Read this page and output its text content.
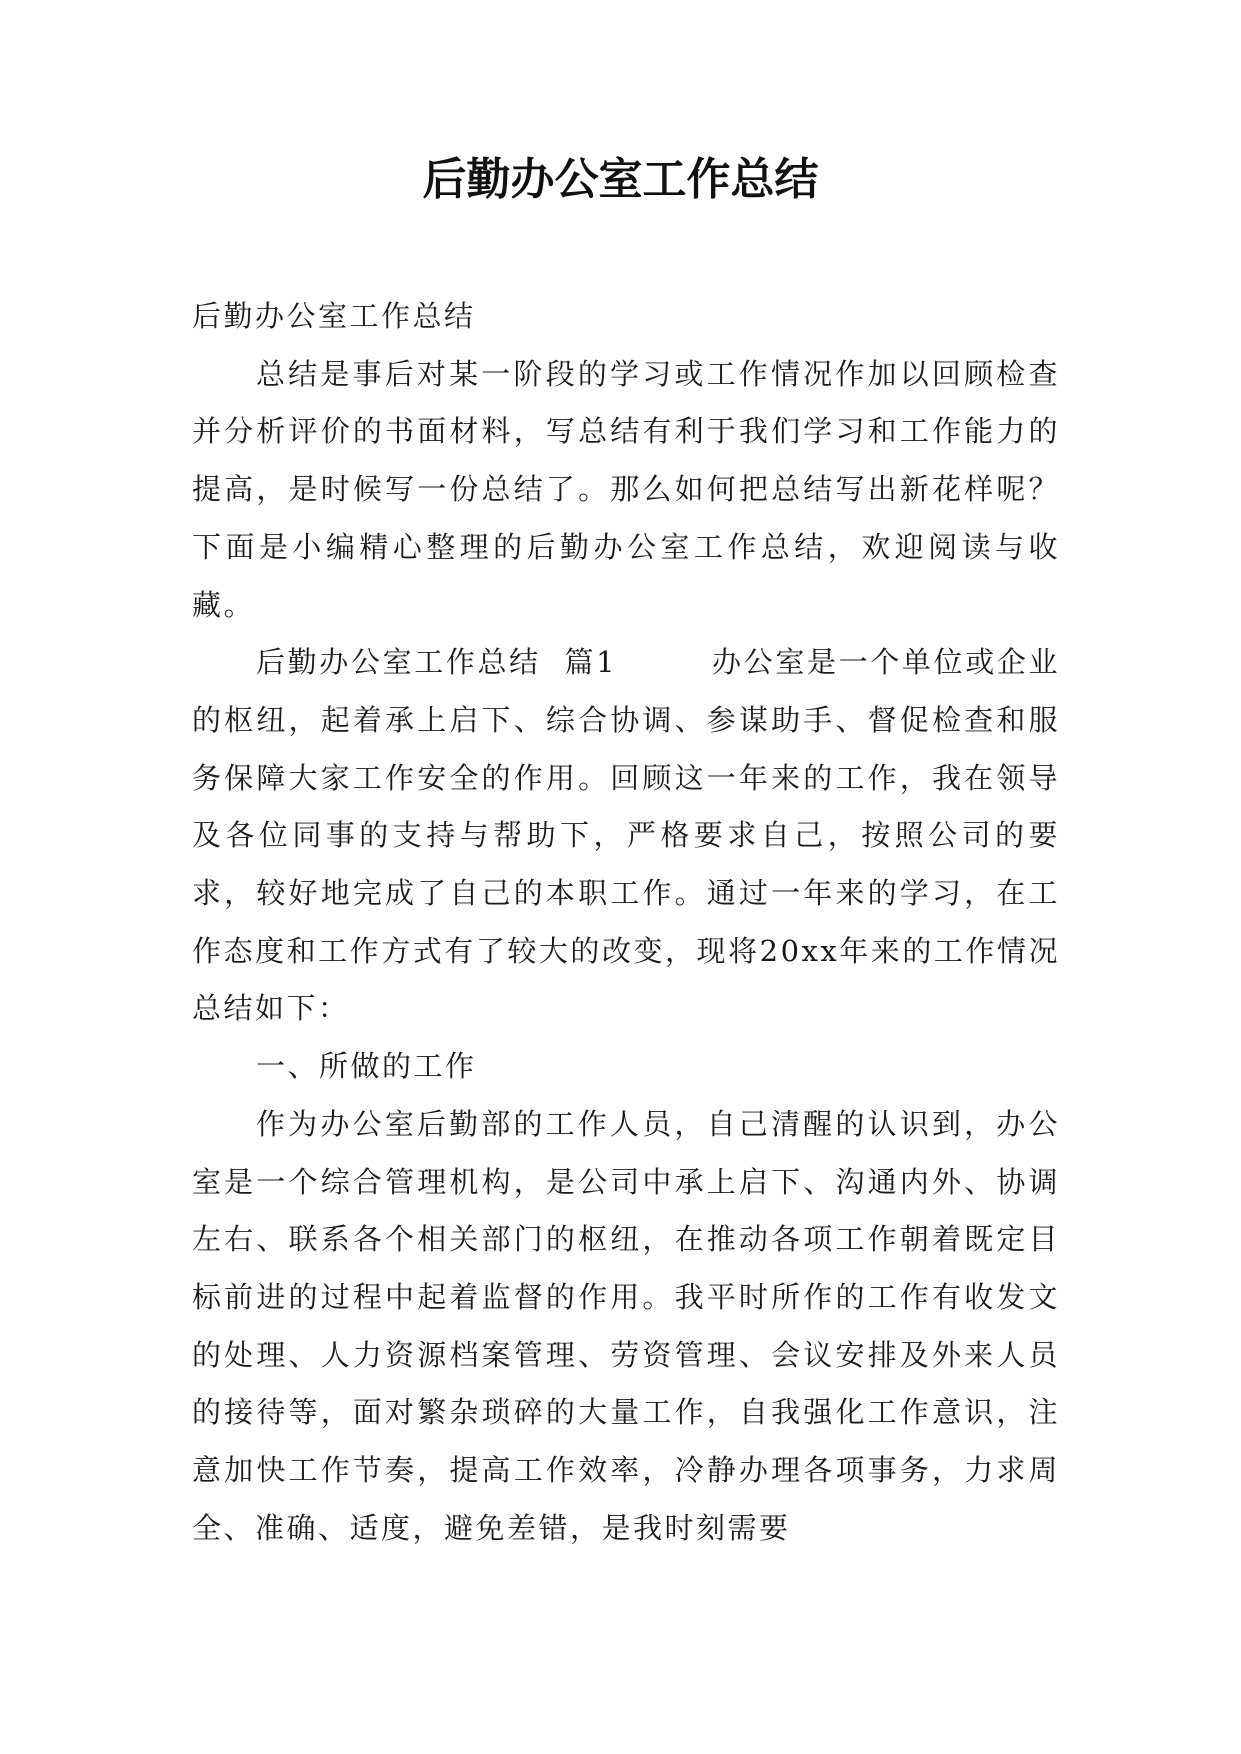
后勤办公室工作总结

后勤办公室工作总结

总结是事后对某一阶段的学习或工作情况作加以回顾检查并分析评价的书面材料，写总结有利于我们学习和工作能力的提高，是时候写一份总结了。那么如何把总结写出新花样呢？下面是小编精心整理的后勤办公室工作总结，欢迎阅读与收藏。

后勤办公室工作总结  篇1        办公室是一个单位或企业的枢纽，起着承上启下、综合协调、参谋助手、督促检查和服务保障大家工作安全的作用。回顾这一年来的工作，我在领导及各位同事的支持与帮助下，严格要求自己，按照公司的要求，较好地完成了自己的本职工作。通过一年来的学习，在工作态度和工作方式有了较大的改变，现将20xx年来的工作情况总结如下：

一、所做的工作

作为办公室后勤部的工作人员，自己清醒的认识到，办公室是一个综合管理机构，是公司中承上启下、沟通内外、协调左右、联系各个相关部门的枢纽，在推动各项工作朝着既定目标前进的过程中起着监督的作用。我平时所作的工作有收发文的处理、人力资源档案管理、劳资管理、会议安排及外来人员的接待等，面对繁杂琐碎的大量工作，自我强化工作意识，注意加快工作节奏，提高工作效率，冷静办理各项事务，力求周全、准确、适度，避免差错，是我时刻需要
